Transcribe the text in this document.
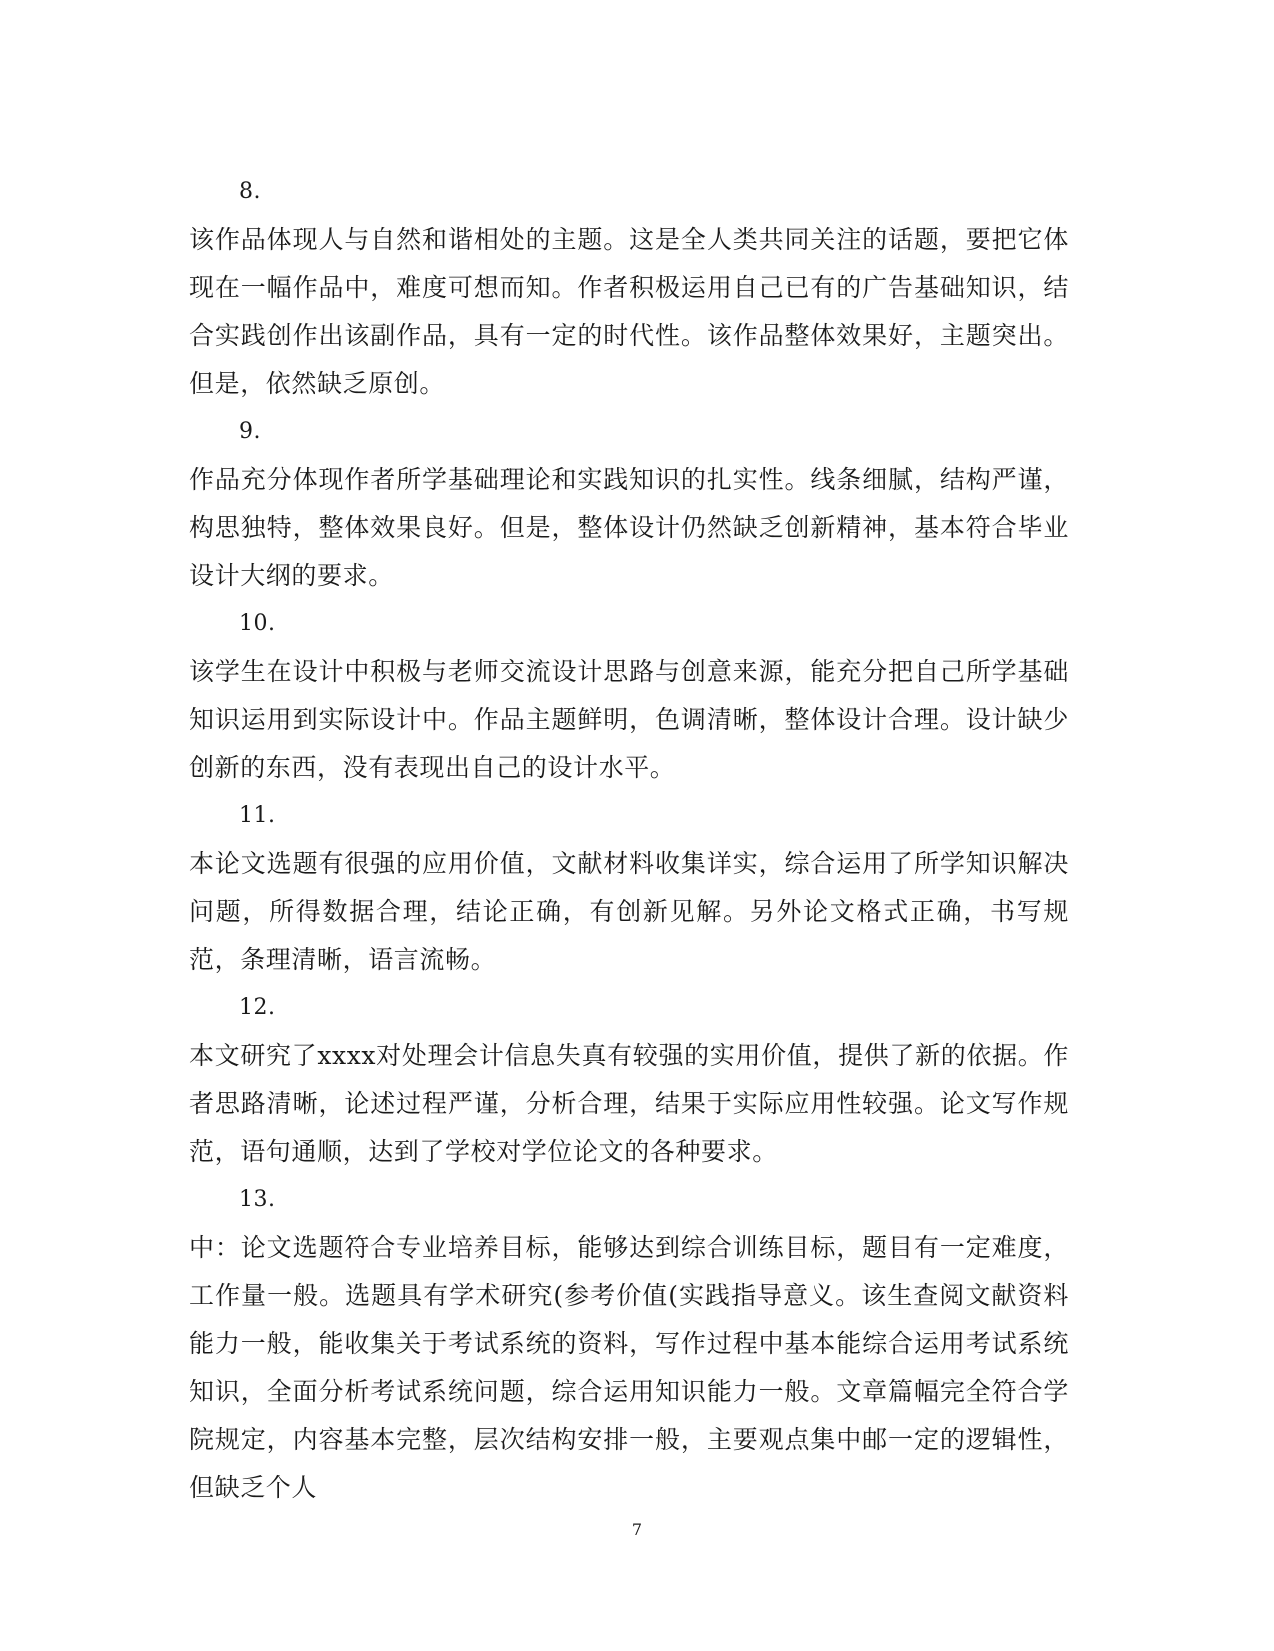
8.

该作品体现人与自然和谐相处的主题。这是全人类共同关注的话题，要把它体现在一幅作品中，难度可想而知。作者积极运用自己已有的广告基础知识，结合实践创作出该副作品，具有一定的时代性。该作品整体效果好，主题突出。但是，依然缺乏原创。

9.

作品充分体现作者所学基础理论和实践知识的扎实性。线条细腻，结构严谨，构思独特，整体效果良好。但是，整体设计仍然缺乏创新精神，基本符合毕业设计大纲的要求。

10.

该学生在设计中积极与老师交流设计思路与创意来源，能充分把自己所学基础知识运用到实际设计中。作品主题鲜明，色调清晰，整体设计合理。设计缺少创新的东西，没有表现出自己的设计水平。

11.

本论文选题有很强的应用价值，文献材料收集详实，综合运用了所学知识解决问题，所得数据合理，结论正确，有创新见解。另外论文格式正确，书写规范，条理清晰，语言流畅。

12.

本文研究了xxxx对处理会计信息失真有较强的实用价值，提供了新的依据。作者思路清晰，论述过程严谨，分析合理，结果于实际应用性较强。论文写作规范，语句通顺，达到了学校对学位论文的各种要求。

13.

中：论文选题符合专业培养目标，能够达到综合训练目标，题目有一定难度，工作量一般。选题具有学术研究(参考价值(实践指导意义。该生查阅文献资料能力一般，能收集关于考试系统的资料，写作过程中基本能综合运用考试系统知识，全面分析考试系统问题，综合运用知识能力一般。文章篇幅完全符合学院规定，内容基本完整，层次结构安排一般，主要观点集中邮一定的逻辑性，但缺乏个人

7
